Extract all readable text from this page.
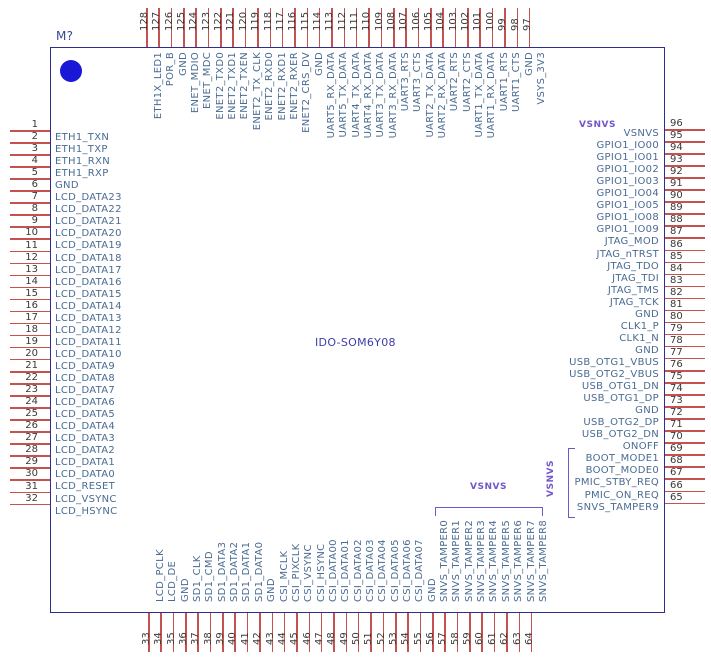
M?
IDO-SOM6Y08
1
ETH1_TXN
2
ETH1_TXP
3
ETH1_RXN
4
ETH1_RXP
5
GND
6
LCD_DATA23
7
LCD_DATA22
8
LCD_DATA21
9
LCD_DATA20
10
LCD_DATA19
11
LCD_DATA18
12
LCD_DATA17
13
LCD_DATA16
14
LCD_DATA15
15
LCD_DATA14
16
LCD_DATA13
17
LCD_DATA12
18
LCD_DATA11
19
LCD_DATA10
20
LCD_DATA9
21
LCD_DATA8
22
LCD_DATA7
23
LCD_DATA6
24
LCD_DATA5
25
LCD_DATA4
26
LCD_DATA3
27
LCD_DATA2
28
LCD_DATA1
29
LCD_DATA0
30
LCD_RESET
31
LCD_VSYNC
32
LCD_HSYNC
128
ETH1X_LED1
127
POR_B
126
GND
125
ENET_MDIO
124
ENET_MDC
123
ENET2_TXD0
122
ENET2_TXD1
121
ENET2_TXEN
120
ENET2_TX_CLK
119
ENET2_RXD0
118
ENET2_RXD1
117
ENET2_RXER
116
ENET2_CRS_DV
115
GND
114
UART5_RX_DATA
113
UART5_TX_DATA
112
UART4_TX_DATA
111
UART4_RX_DATA
110
UART3_TX_DATA
109
UART3_RX_DATA
108
UART3_RTS
107
UART3_CTS
106
UART2_TX_DATA
105
UART2_RX_DATA
104
UART2_RTS
103
UART2_CTS
102
UART1_TX_DATA
101
UART1_RX_DATA
100
UART1_RTS
99
UART1_CTS
98
GND
97
VSYS_3V3
96
VSNVS 95
GPIO1_IO00 94
GPIO1_IO01 93
GPIO1_IO02 92
GPIO1_IO03 91
GPIO1_IO04 90
GPIO1_IO05 89
GPIO1_IO08 88
GPIO1_IO09 87
JTAG_MOD 86
JTAG_nTRST 85
JTAG_TDO 84
JTAG_TDI 83
JTAG_TMS 82
JTAG_TCK 81
GND 80
CLK1_P 79
CLK1_N 78
GND 77
USB_OTG1_VBUS 76
USB_OTG2_VBUS 75
USB_OTG1_DN 74
USB_OTG1_DP 73
GND 72
USB_OTG2_DP 71
USB_OTG2_DN 70
ONOFF 69
BOOT_MODE1 68
BOOT_MODE0 67
PMIC_STBY_REQ 66
PMIC_ON_REQ 65
SNVS_TAMPER9
33
LCD_PCLK
34
LCD_DE
35
GND
36
SD1_CLK
37
SD1_CMD
38
SD1_DATA3
39
SD1_DATA2
40
SD1_DATA1
41
SD1_DATA0
42
GND
43
CSI_MCLK
44
CSI_PIXCLK
45
CSI_VSYNC
46
CSI_HSYNC
47
CSI_DATA00
48
CSI_DATA01
49
CSI_DATA02
50
CSI_DATA03
51
CSI_DATA04
52
CSI_DATA05
53
CSI_DATA06
54
CSI_DATA07
55
GND
56
SNVS_TAMPER0
57
SNVS_TAMPER1
58
SNVS_TAMPER2
59
SNVS_TAMPER3
60
SNVS_TAMPER4
61
SNVS_TAMPER5
62
SNVS_TAMPER6
63
SNVS_TAMPER7
64
SNVS_TAMPER8
VSNVS
VSNVS	VSNVS
